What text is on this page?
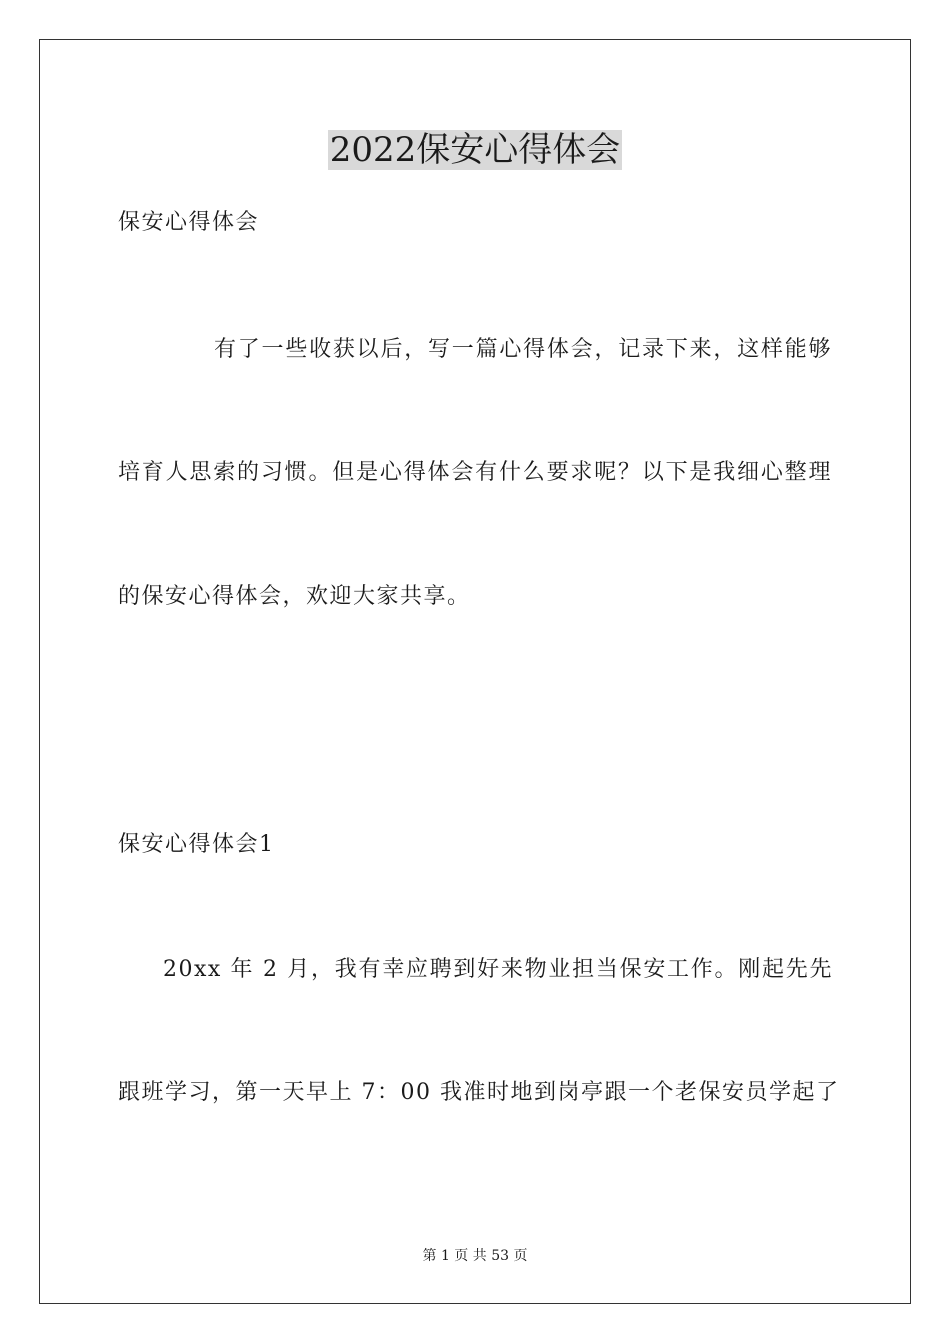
2022保安心得体会
保安心得体会
有了一些收获以后，写一篇心得体会，记录下来，这样能够
培育人思索的习惯。但是心得体会有什么要求呢？以下是我细心整理
的保安心得体会，欢迎大家共享。
保安心得体会1
20xx 年 2 月，我有幸应聘到好来物业担当保安工作。刚起先先
跟班学习，第一天早上 7：00 我准时地到岗亭跟一个老保安员学起了
第 1 页 共 53 页
